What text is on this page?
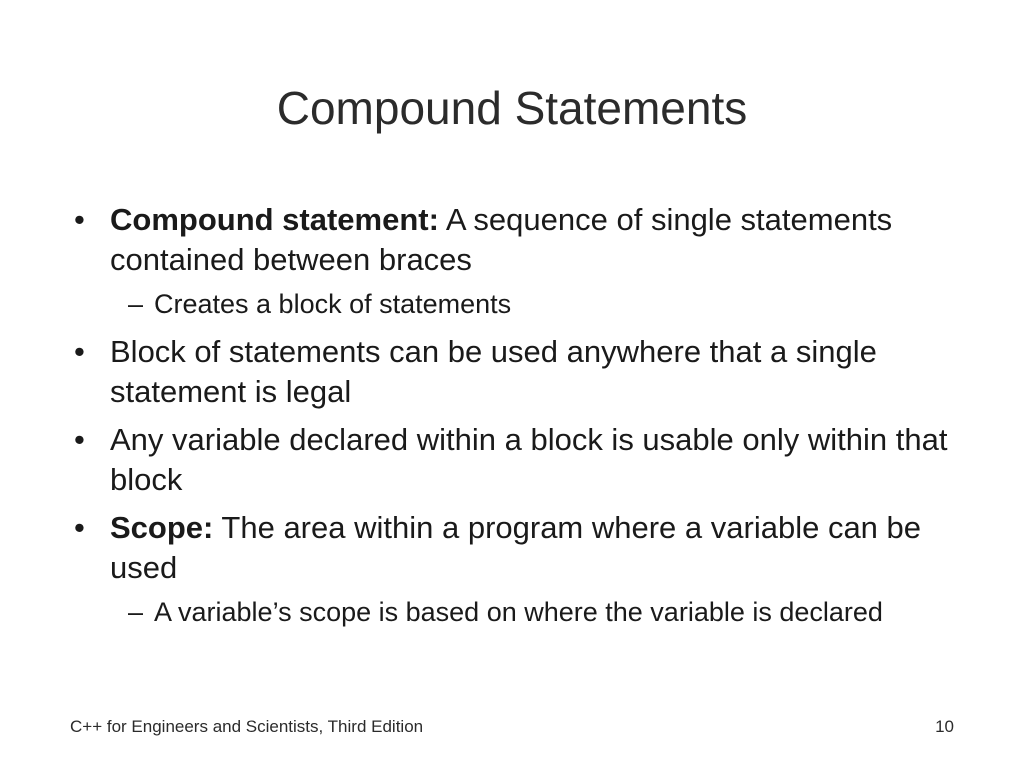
Compound Statements
• Compound statement: A sequence of single statements contained between braces
– Creates a block of statements
• Block of statements can be used anywhere that a single statement is legal
• Any variable declared within a block is usable only within that block
• Scope: The area within a program where a variable can be used
– A variable’s scope is based on where the variable is declared
C++ for Engineers and Scientists, Third Edition	10
